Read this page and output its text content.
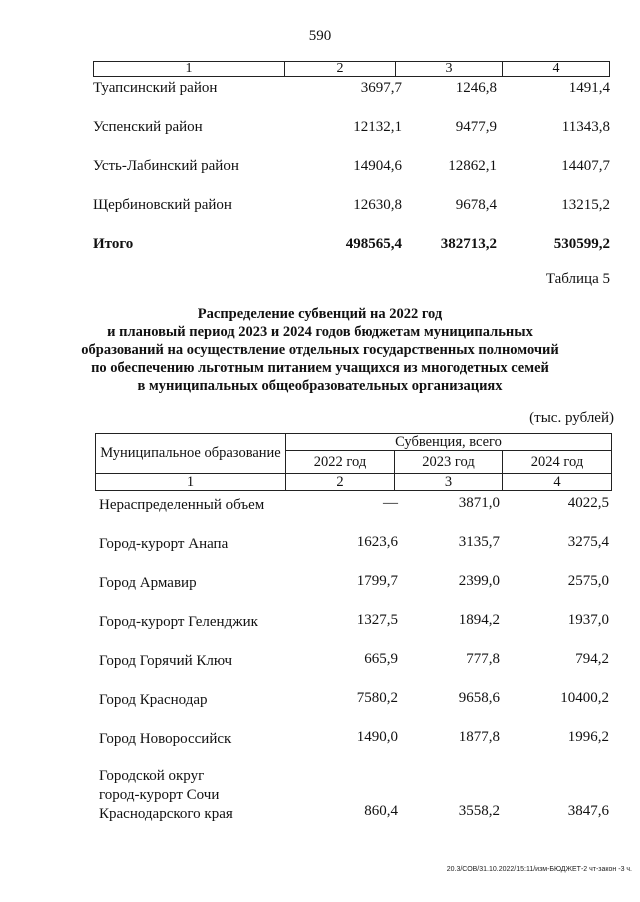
590
1	2	3	4
Туапсинский район	3697,7	1246,8	1491,4
Успенский район	12132,1	9477,9	11343,8
Усть-Лабинский район	14904,6	12862,1	14407,7
Щербиновский район	12630,8	9678,4	13215,2
Итого	498565,4	382713,2	530599,2
Таблица 5
Распределение субвенций на 2022 год
и плановый период 2023 и 2024 годов бюджетам муниципальных
образований на осуществление отдельных государственных полномочий
по обеспечению льготным питанием учащихся из многодетных семей
в муниципальных общеобразовательных организациях
(тыс. рублей)
Муниципальное образование
Субвенция, всего
2022 год	2023 год	2024 год
1	2	3	4
Нераспределенный объем	—	3871,0	4022,5
Город-курорт Анапа	1623,6	3135,7	3275,4
Город Армавир	1799,7	2399,0	2575,0
Город-курорт Геленджик	1327,5	1894,2	1937,0
Город Горячий Ключ	665,9	777,8	794,2
Город Краснодар	7580,2	9658,6	10400,2
Город Новороссийск	1490,0	1877,8	1996,2
Городской округ
город-курорт Сочи
Краснодарского края	860,4	3558,2	3847,6
20.3/СОВ/31.10.2022/15:11/изм-БЮДЖЕТ-2 чт-закон -3 ч.
